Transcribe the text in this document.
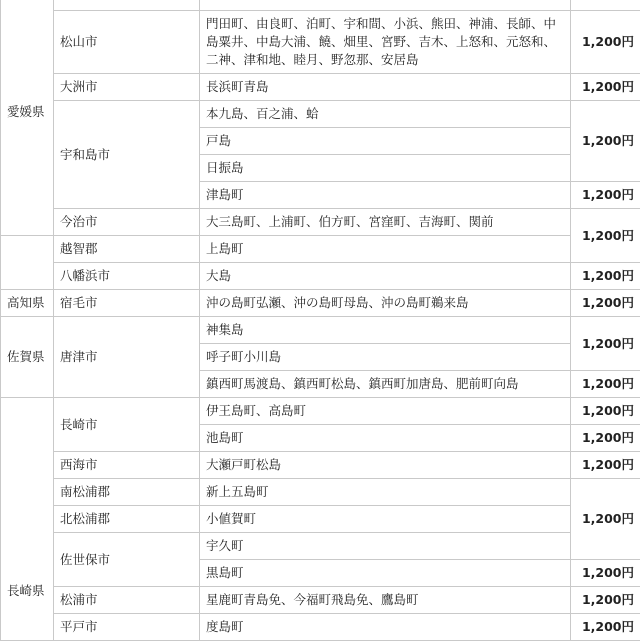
愛媛県			
	松山市	門田町、由良町、泊町、宇和間、小浜、熊田、神浦、長師、中島粟井、中島大浦、饒、畑里、宮野、吉木、上怒和、元怒和、二神、津和地、睦月、野忽那、安居島	1,200円
	大洲市	長浜町青島	1,200円
	宇和島市	本九島、百之浦、蛤	1,200円
		戸島	
		日振島	
		津島町	1,200円
	今治市	大三島町、上浦町、伯方町、宮窪町、吉海町、関前	1,200円
	越智郡	上島町	
	八幡浜市	大島	1,200円
高知県	宿毛市	沖の島町弘瀬、沖の島町母島、沖の島町鵜来島	1,200円
佐賀県	唐津市	神集島	1,200円
		呼子町小川島	
		鎮西町馬渡島、鎮西町松島、鎮西町加唐島、肥前町向島	1,200円
長崎県	長崎市	伊王島町、高島町	1,200円
		池島町	1,200円
	西海市	大瀬戸町松島	1,200円
	南松浦郡	新上五島町	1,200円
	北松浦郡	小値賀町	
	佐世保市	宇久町	
		黒島町	1,200円
	松浦市	星鹿町青島免、今福町飛島免、鷹島町	1,200円
	平戸市	度島町	1,200円
